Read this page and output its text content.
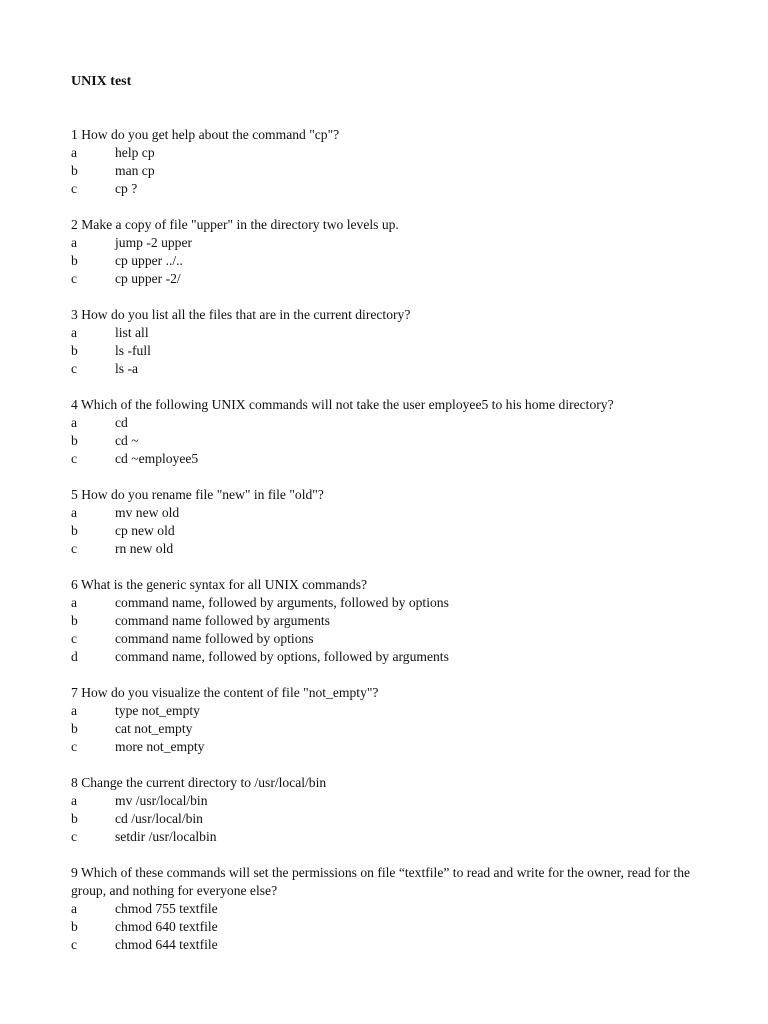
UNIX test
1 How do you get help about the command "cp"?
a	help cp
b	man cp
c	cp ?
2 Make a copy of file "upper" in the directory two levels up.
a	jump -2 upper
b	cp upper ../..
c	cp upper -2/
3 How do you list all the files that are in the current directory?
a	list all
b	ls -full
c	ls -a
4 Which of the following UNIX commands will not take the user employee5 to his home directory?
a	cd
b	cd ~
c	cd ~employee5
5 How do you rename file "new" in file "old"?
a	mv new old
b	cp new old
c	rn new old
6 What is the generic syntax for all UNIX commands?
a	command name, followed by arguments, followed by options
b	command name followed by arguments
c	command name followed by options
d	command name, followed by options, followed by arguments
7 How do you visualize the content of file "not_empty"?
a	type not_empty
b	cat not_empty
c	more not_empty
8 Change the current directory to /usr/local/bin
a	mv /usr/local/bin
b	cd /usr/local/bin
c	setdir /usr/localbin
9 Which of these commands will set the permissions on file “textfile” to read and write for the owner, read for the group, and nothing for everyone else?
a	chmod 755 textfile
b	chmod 640 textfile
c	chmod 644 textfile
